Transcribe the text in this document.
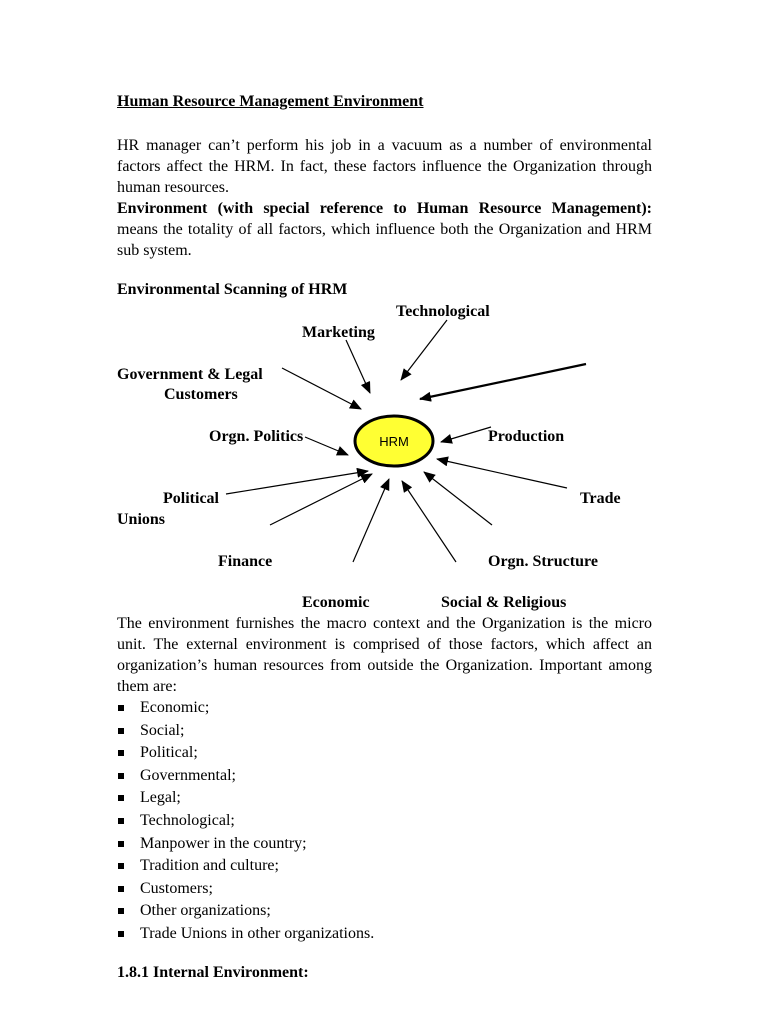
Human Resource Management Environment

HR manager can’t perform his job in a vacuum as a number of environmental factors affect the HRM. In fact, these factors influence the Organization through human resources.

Environment (with special reference to Human Resource Management): means the totality of all factors, which influence both the Organization and HRM sub system.

Environmental Scanning of HRM
HRM
Technological
Marketing
Government & Legal
Customers
Orgn. Politics	Production
Political	Trade
Unions
Finance	Orgn. Structure
Economic	Social & Religious

The environment furnishes the macro context and the Organization is the micro unit. The external environment is comprised of those factors, which affect an organization’s human resources from outside the Organization. Important among them are:

Economic;
Social;
Political;
Governmental;
Legal;
Technological;
Manpower in the country;
Tradition and culture;
Customers;
Other organizations;
Trade Unions in other organizations.
1.8.1 Internal Environment:
